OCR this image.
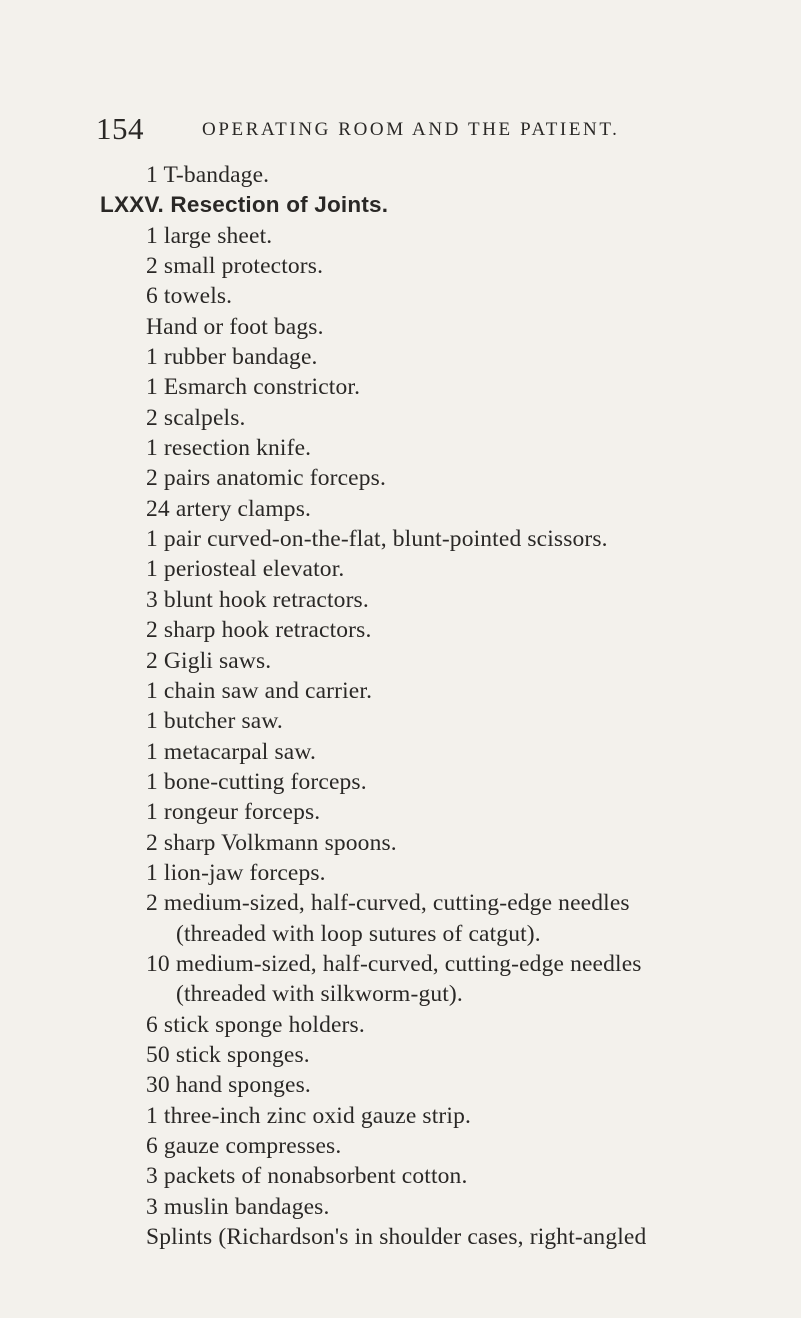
154	OPERATING ROOM AND THE PATIENT.
1 T-bandage.
LXXV. Resection of Joints.
1 large sheet.
2 small protectors.
6 towels.
Hand or foot bags.
1 rubber bandage.
1 Esmarch constrictor.
2 scalpels.
1 resection knife.
2 pairs anatomic forceps.
24 artery clamps.
1 pair curved-on-the-flat, blunt-pointed scissors.
1 periosteal elevator.
3 blunt hook retractors.
2 sharp hook retractors.
2 Gigli saws.
1 chain saw and carrier.
1 butcher saw.
1 metacarpal saw.
1 bone-cutting forceps.
1 rongeur forceps.
2 sharp Volkmann spoons.
1 lion-jaw forceps.
2 medium-sized, half-curved, cutting-edge needles
(threaded with loop sutures of catgut).
10 medium-sized, half-curved, cutting-edge needles
(threaded with silkworm-gut).
6 stick sponge holders.
50 stick sponges.
30 hand sponges.
1 three-inch zinc oxid gauze strip.
6 gauze compresses.
3 packets of nonabsorbent cotton.
3 muslin bandages.
Splints (Richardson's in shoulder cases, right-angled
